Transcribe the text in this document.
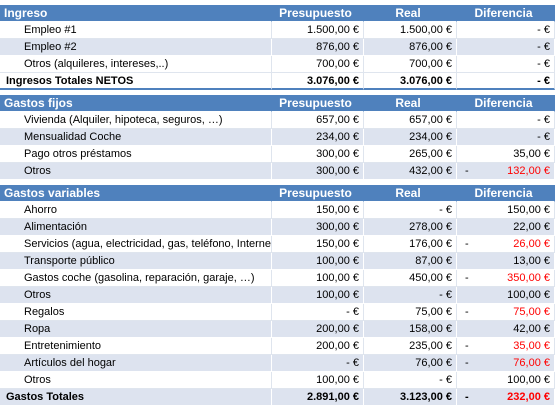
Ingreso	Presupuesto	Real	Diferencia
Empleo #1	1.500,00 €	1.500,00 €	- €
Empleo #2	876,00 €	876,00 €	- €
Otros (alquileres, intereses,..)	700,00 €	700,00 €	- €
Ingresos Totales NETOS	3.076,00 €	3.076,00 €	- €
Gastos fijos	Presupuesto	Real	Diferencia
Vivienda (Alquiler, hipoteca, seguros, …)	657,00 €	657,00 €	- €
Mensualidad Coche	234,00 €	234,00 €	- €
Pago otros préstamos	300,00 €	265,00 €	35,00 €
Otros	300,00 €	432,00 €	-	132,00 €
Gastos variables	Presupuesto	Real	Diferencia
Ahorro	150,00 €	- €	150,00 €
Alimentación	300,00 €	278,00 €	22,00 €
Servicios (agua, electricidad, gas, teléfono, Interne	150,00 €	176,00 €	-	26,00 €
Transporte público	100,00 €	87,00 €	13,00 €
Gastos coche (gasolina, reparación, garaje, …)	100,00 €	450,00 €	-	350,00 €
Otros	100,00 €	- €	100,00 €
Regalos	- €	75,00 €	-	75,00 €
Ropa	200,00 €	158,00 €	42,00 €
Entretenimiento	200,00 €	235,00 €	-	35,00 €
Artículos del hogar	- €	76,00 €	-	76,00 €
Otros	100,00 €	- €	100,00 €
Gastos Totales	2.891,00 €	3.123,00 €	-	232,00 €
